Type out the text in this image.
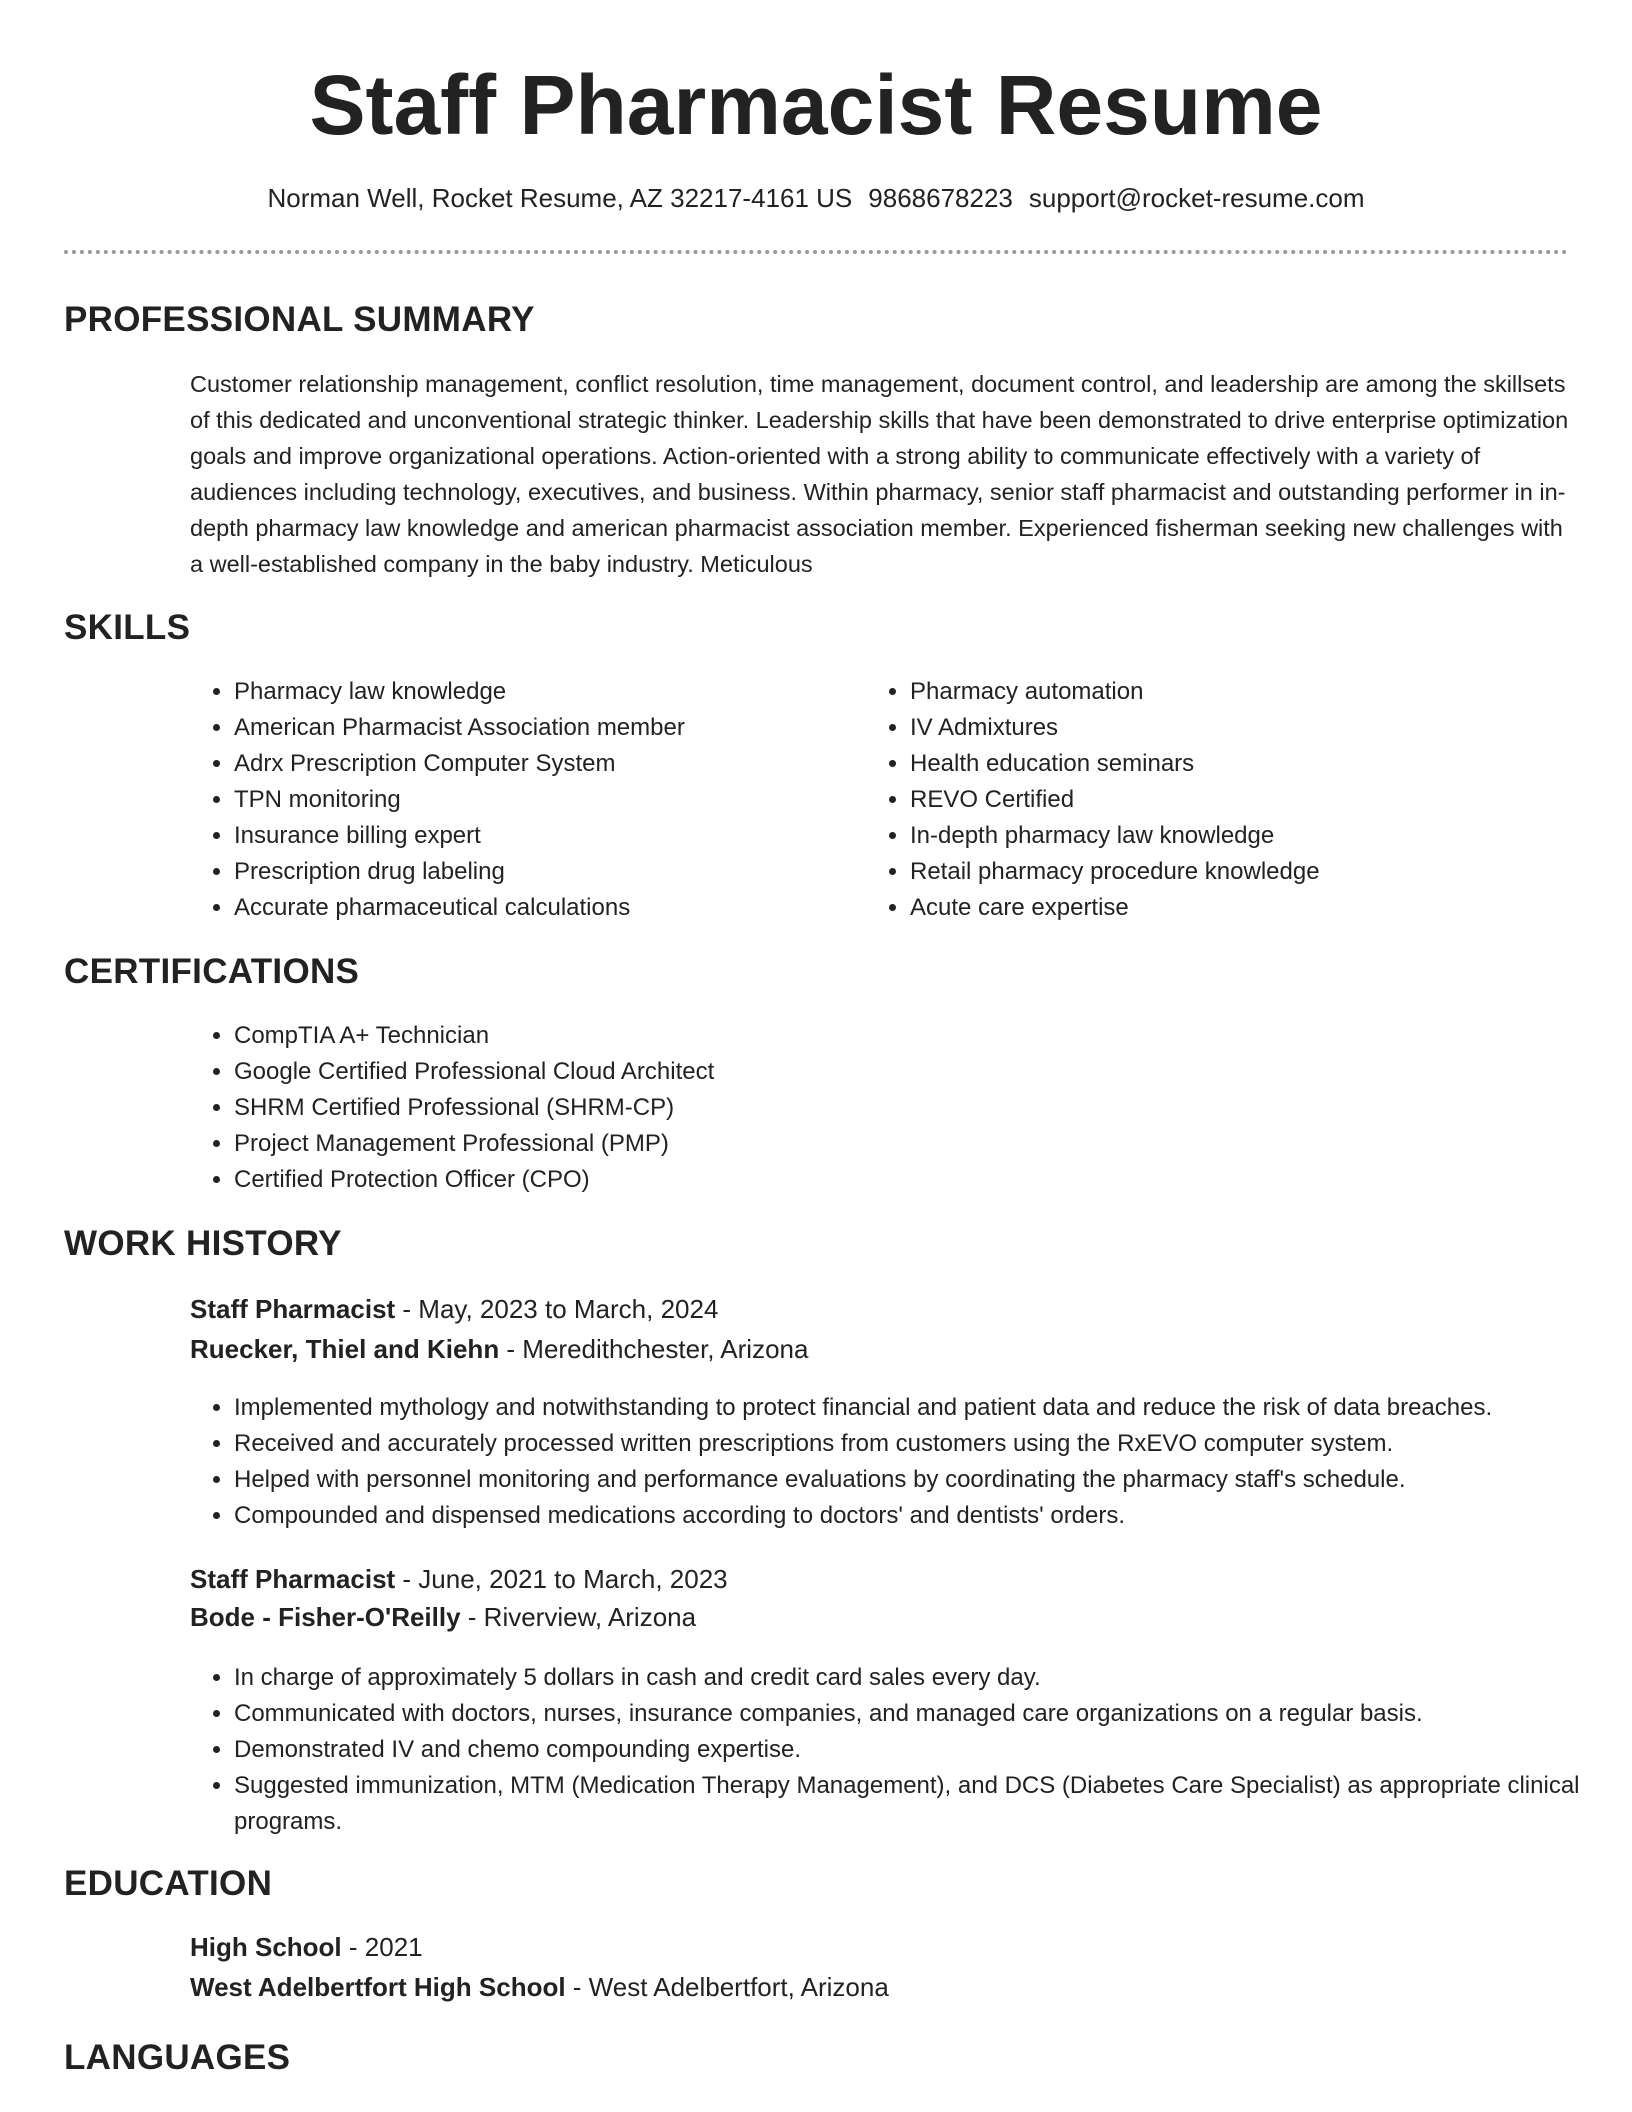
Staff Pharmacist Resume
Norman Well, Rocket Resume, AZ 32217-4161 US 9868678223 support@rocket-resume.com
PROFESSIONAL SUMMARY

Customer relationship management, conflict resolution, time management, document control, and leadership are among the skillsets of this dedicated and unconventional strategic thinker. Leadership skills that have been demonstrated to drive enterprise optimization goals and improve organizational operations. Action-oriented with a strong ability to communicate effectively with a variety of audiences including technology, executives, and business. Within pharmacy, senior staff pharmacist and outstanding performer in in-depth pharmacy law knowledge and american pharmacist association member. Experienced fisherman seeking new challenges with a well-established company in the baby industry. Meticulous

SKILLS
• Pharmacy law knowledge
• American Pharmacist Association member
• Adrx Prescription Computer System
• TPN monitoring
• Insurance billing expert
• Prescription drug labeling
• Accurate pharmaceutical calculations
• Pharmacy automation
• IV Admixtures
• Health education seminars
• REVO Certified
• In-depth pharmacy law knowledge
• Retail pharmacy procedure knowledge
• Acute care expertise
CERTIFICATIONS
• CompTIA A+ Technician
• Google Certified Professional Cloud Architect
• SHRM Certified Professional (SHRM-CP)
• Project Management Professional (PMP)
• Certified Protection Officer (CPO)
WORK HISTORY
Staff Pharmacist - May, 2023 to March, 2024
Ruecker, Thiel and Kiehn - Meredithchester, Arizona
• Implemented mythology and notwithstanding to protect financial and patient data and reduce the risk of data breaches.
• Received and accurately processed written prescriptions from customers using the RxEVO computer system.
• Helped with personnel monitoring and performance evaluations by coordinating the pharmacy staff's schedule.
• Compounded and dispensed medications according to doctors' and dentists' orders.
Staff Pharmacist - June, 2021 to March, 2023
Bode - Fisher-O'Reilly - Riverview, Arizona
• In charge of approximately 5 dollars in cash and credit card sales every day.
• Communicated with doctors, nurses, insurance companies, and managed care organizations on a regular basis.
• Demonstrated IV and chemo compounding expertise.
• Suggested immunization, MTM (Medication Therapy Management), and DCS (Diabetes Care Specialist) as appropriate clinical programs.
EDUCATION
High School - 2021
West Adelbertfort High School - West Adelbertfort, Arizona
LANGUAGES
